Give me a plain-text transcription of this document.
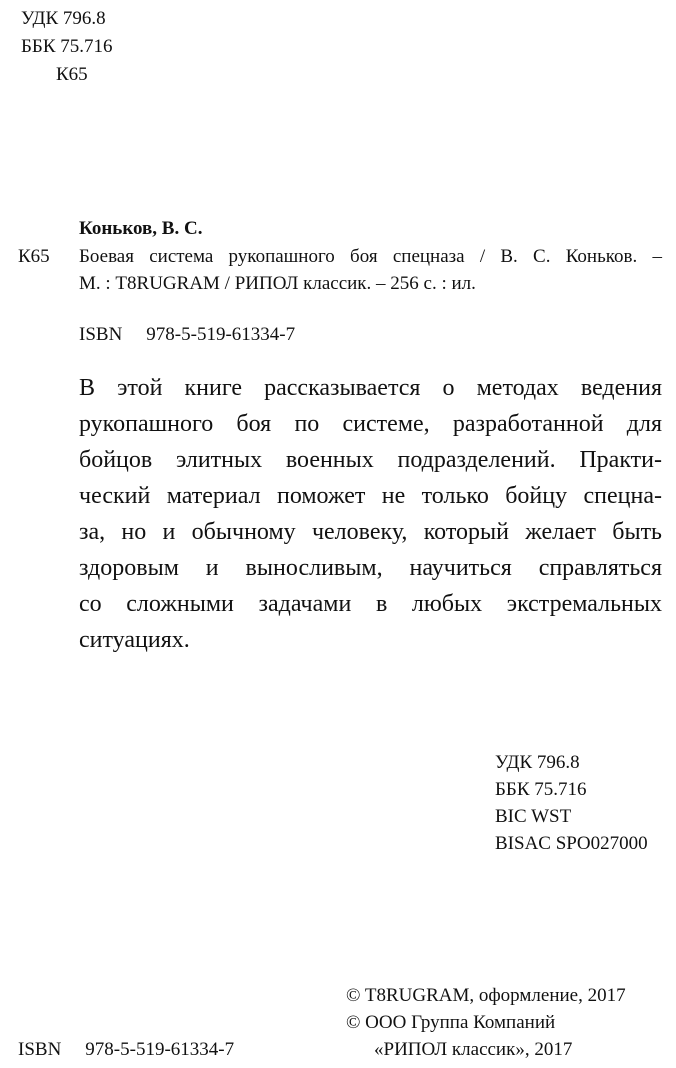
УДК 796.8
ББК 75.716
К65
Коньков, В. С.
К65 Боевая система рукопашного боя спецназа / В. С. Коньков. –
М. : T8RUGRAM / РИПОЛ классик. – 256 с. : ил.
ISBN 978-5-519-61334-7
В этой книге рассказывается о методах ведения
рукопашного боя по системе, разработанной для
бойцов элитных военных подразделений. Практи-
ческий материал поможет не только бойцу спецна-
за, но и обычному человеку, который желает быть
здоровым и выносливым, научиться справляться
со сложными задачами в любых экстремальных
ситуациях.
УДК 796.8
ББК 75.716
BIC WST
BISAC SPO027000
© T8RUGRAM, оформление, 2017
© ООО Группа Компаний
«РИПОЛ классик», 2017
ISBN 978-5-519-61334-7
